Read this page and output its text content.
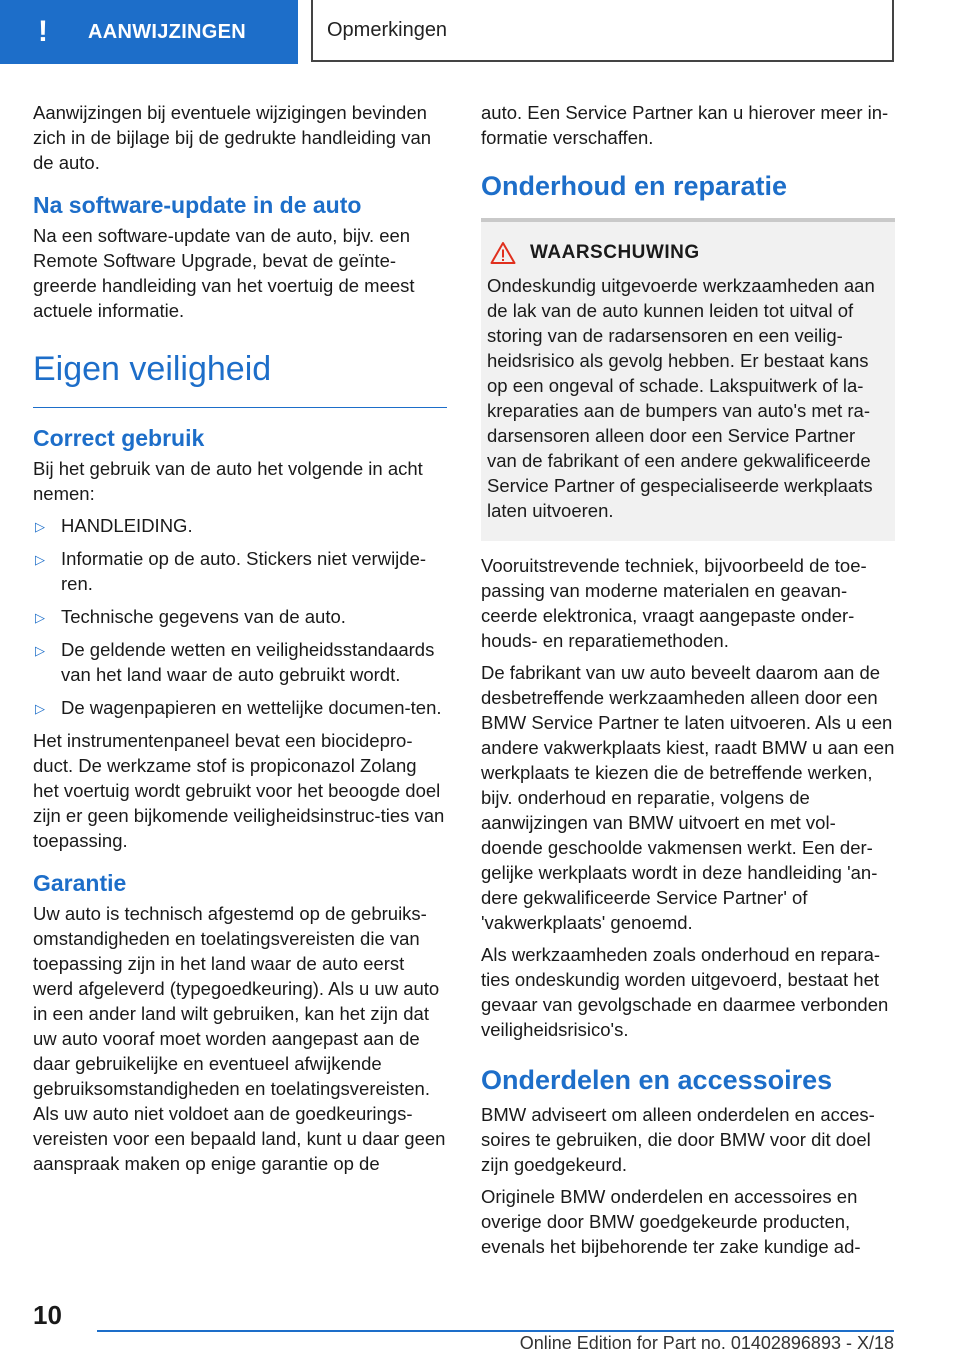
!	AANWIJZINGEN	Opmerkingen

Aanwijzingen bij eventuele wijzigingen bevinden zich in de bijlage bij de gedrukte handleiding van de auto.

Na software-update in de auto

Na een software-update van de auto, bijv. een Remote Software Upgrade, bevat de geïnte-greerde handleiding van het voertuig de meest actuele informatie.

Eigen veiligheid
Correct gebruik

Bij het gebruik van de auto het volgende in acht nemen:

▷ HANDLEIDING.
▷ Informatie op de auto. Stickers niet verwijde-ren.
▷ Technische gegevens van de auto.
▷ De geldende wetten en veiligheidsstandaards van het land waar de auto gebruikt wordt.
▷ De wagenpapieren en wettelijke documen-ten.

Het instrumentenpaneel bevat een biocidepro-duct. De werkzame stof is propiconazol Zolang het voertuig wordt gebruikt voor het beoogde doel zijn er geen bijkomende veiligheidsinstruc-ties van toepassing.

Garantie

Uw auto is technisch afgestemd op de gebruiks-omstandigheden en toelatingsvereisten die van toepassing zijn in het land waar de auto eerst werd afgeleverd (typegoedkeuring). Als u uw auto in een ander land wilt gebruiken, kan het zijn dat uw auto vooraf moet worden aangepast aan de daar gebruikelijke en eventueel afwijkende gebruiksomstandigheden en toelatingsvereisten. Als uw auto niet voldoet aan de goedkeurings-vereisten voor een bepaald land, kunt u daar geen aanspraak maken op enige garantie op de

auto. Een Service Partner kan u hierover meer in-formatie verschaffen.

Onderhoud en reparatie
WAARSCHUWING

Ondeskundig uitgevoerde werkzaamheden aan de lak van de auto kunnen leiden tot uitval of storing van de radarsensoren en een veilig-heidsrisico als gevolg hebben. Er bestaat kans op een ongeval of schade. Lakspuitwerk of la-kreparaties aan de bumpers van auto's met ra-darsensoren alleen door een Service Partner van de fabrikant of een andere gekwalificeerde Service Partner of gespecialiseerde werkplaats laten uitvoeren.

Vooruitstrevende techniek, bijvoorbeeld de toe-passing van moderne materialen en geavan-ceerde elektronica, vraagt aangepaste onder-houds- en reparatiemethoden.

De fabrikant van uw auto beveelt daarom aan de desbetreffende werkzaamheden alleen door een BMW Service Partner te laten uitvoeren. Als u een andere vakwerkplaats kiest, raadt BMW u aan een werkplaats te kiezen die de betreffende werken, bijv. onderhoud en reparatie, volgens de aanwijzingen van BMW uitvoert en met vol-doende geschoolde vakmensen werkt. Een der-gelijke werkplaats wordt in deze handleiding 'an-dere gekwalificeerde Service Partner' of 'vakwerkplaats' genoemd.

Als werkzaamheden zoals onderhoud en repara-ties ondeskundig worden uitgevoerd, bestaat het gevaar van gevolgschade en daarmee verbonden veiligheidsrisico's.

Onderdelen en accessoires

BMW adviseert om alleen onderdelen en acces-soires te gebruiken, die door BMW voor dit doel zijn goedgekeurd.

Originele BMW onderdelen en accessoires en overige door BMW goedgekeurde producten, evenals het bijbehorende ter zake kundige ad-

10
Online Edition for Part no. 01402896893 - X/18
